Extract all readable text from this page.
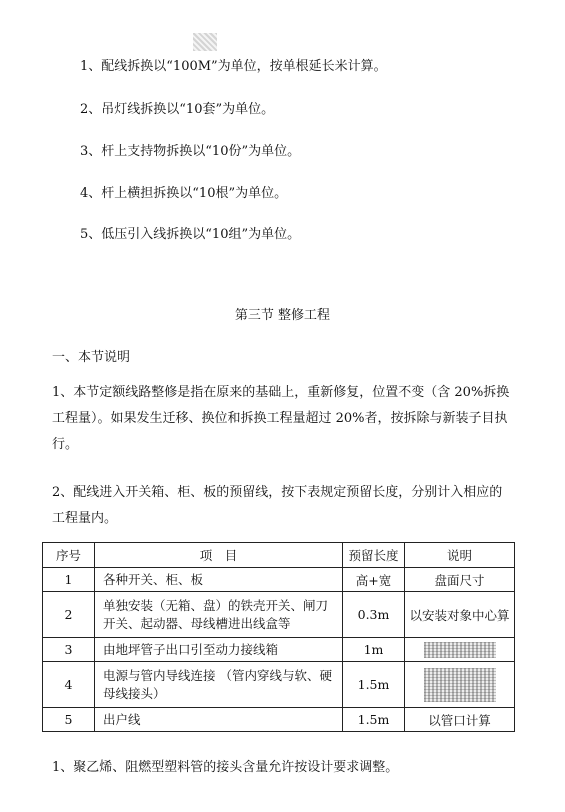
1、配线拆换以“100M”为单位，按单根延长米计算。
2、吊灯线拆换以“10套”为单位。
3、杆上支持物拆换以“10份”为单位。
4、杆上横担拆换以“10根”为单位。
5、低压引入线拆换以“10组”为单位。
第三节 整修工程
一、本节说明
1、本节定额线路整修是指在原来的基础上，重新修复，位置不变（含 20%拆换
工程量）。如果发生迁移、换位和拆换工程量超过 20%者，按拆除与新装子目执
行。
2、配线进入开关箱、柜、板的预留线，按下表规定预留长度，分别计入相应的
工程量内。
序号	项　目	预留长度	说明
1	各种开关、柜、板	高+宽	盘面尺寸
2	单独安装（无箱、盘）的铁壳开关、闸刀开关、起动器、母线槽进出线盒等	0.3m	以安装对象中心算
3	由地坪管子出口引至动力接线箱	1m	
4	电源与管内导线连接 （管内穿线与软、硬母线接头）	1.5m	
5	出户线	1.5m	以管口计算
1、聚乙烯、阻燃型塑料管的接头含量允许按设计要求调整。
